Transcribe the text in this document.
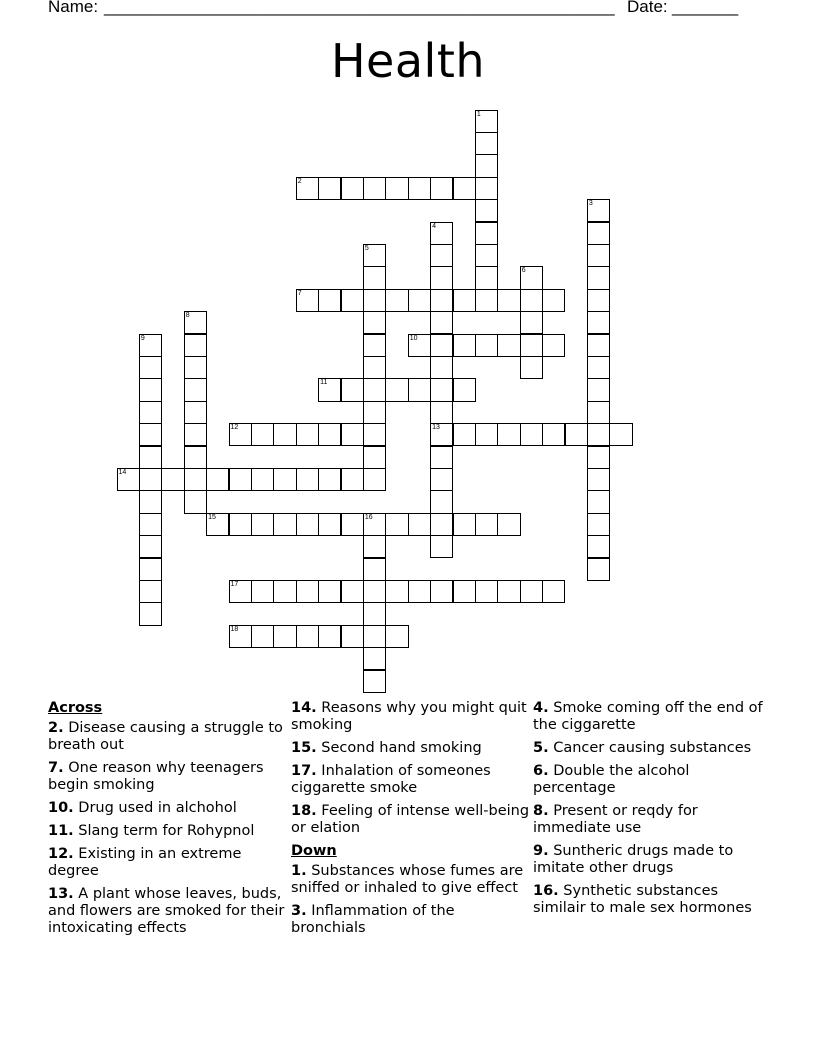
Name: ______________________________________________________ Date: _______
Health
1
2
3
4
13
5
6
7
8
9	10
11
12
14
15	16
17
18
Across
2. Disease causing a struggle to breath out
7. One reason why teenagers begin smoking
10. Drug used in alchohol
11. Slang term for Rohypnol
12. Existing in an extreme degree
13. A plant whose leaves, buds, and flowers are smoked for their intoxicating effects
14. Reasons why you might quit smoking
15. Second hand smoking
17. Inhalation of someones ciggarette smoke
18. Feeling of intense well-being or elation
Down
1. Substances whose fumes are sniffed or inhaled to give effect
3. Inflammation of the bronchials
4. Smoke coming off the end of the ciggarette
5. Cancer causing substances
6. Double the alcohol percentage
8. Present or reqdy for immediate use
9. Suntheric drugs made to imitate other drugs
16. Synthetic substances similair to male sex hormones
